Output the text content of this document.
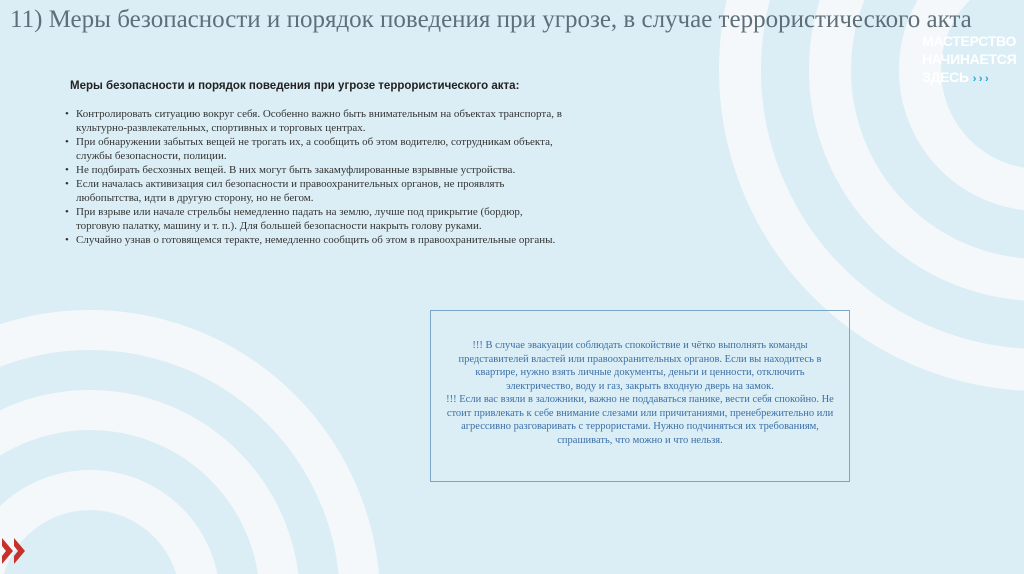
11) Меры безопасности и порядок поведения при угрозе, в случае террористического акта
МАСТЕРСТВО
НАЧИНАЕТСЯ
ЗДЕСЬ › › ›
Меры безопасности и порядок поведения при угрозе террористического акта:
• Контролировать ситуацию вокруг себя. Особенно важно быть внимательным на объектах транспорта, в культурно-развлекательных, спортивных и торговых центрах.
• При обнаружении забытых вещей не трогать их, а сообщить об этом водителю, сотрудникам объекта, службы безопасности, полиции.
• Не подбирать бесхозных вещей. В них могут быть закамуфлированные взрывные устройства.
• Если началась активизация сил безопасности и правоохранительных органов, не проявлять любопытства, идти в другую сторону, но не бегом.
• При взрыве или начале стрельбы немедленно падать на землю, лучше под прикрытие (бордюр, торговую палатку, машину и т. п.). Для большей безопасности накрыть голову руками.
• Случайно узнав о готовящемся теракте, немедленно сообщить об этом в правоохранительные органы.

!!! В случае эвакуации соблюдать спокойствие и чётко выполнять команды представителей властей или правоохранительных органов. Если вы находитесь в квартире, нужно взять личные документы, деньги и ценности, отключить электричество, воду и газ, закрыть входную дверь на замок.

!!! Если вас взяли в заложники, важно не поддаваться панике, вести себя спокойно. Не стоит привлекать к себе внимание слезами или причитаниями, пренебрежительно или агрессивно разговаривать с террористами. Нужно подчиняться их требованиям, спрашивать, что можно и что нельзя.
